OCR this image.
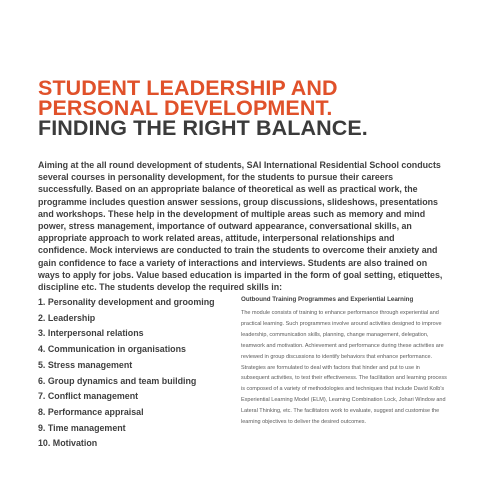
STUDENT LEADERSHIP AND
PERSONAL DEVELOPMENT.
FINDING THE RIGHT BALANCE.

Aiming at the all round development of students, SAI International Residential School conducts several courses in personality development, for the students to pursue their careers successfully. Based on an appropriate balance of theoretical as well as practical work, the programme includes question answer sessions, group discussions, slideshows, presentations and workshops. These help in the development of multiple areas such as memory and mind power, stress management, importance of outward appearance, conversational skills, an appropriate approach to work related areas, attitude, interpersonal relationships and confidence. Mock interviews are conducted to train the students to overcome their anxiety and gain confidence to face a variety of interactions and interviews. Students are also trained on ways to apply for jobs. Value based education is imparted in the form of goal setting, etiquettes, discipline etc. The students develop the required skills in:

1. Personality development and grooming
2. Leadership
3. Interpersonal relations
4. Communication in organisations
5. Stress management
6. Group dynamics and team building
7. Conflict management
8. Performance appraisal
9. Time management
10. Motivation
Outbound Training Programmes and Experiential Learning

The module consists of training to enhance performance through experiential and practical learning. Such programmes involve around activities designed to improve leadership, communication skills, planning, change management, delegation, teamwork and motivation. Achievement and performance during these activities are reviewed in group discussions to identify behaviors that enhance performance. Strategies are formulated to deal with factors that hinder and put to use in subsequent activities, to test their effectiveness. The facilitation and learning process is composed of a variety of methodologies and techniques that include David Kolb's Experiential Learning Model (ELM), Learning Combination Lock, Johari Window and Lateral Thinking, etc. The facilitators work to evaluate, suggest and customise the learning objectives to deliver the desired outcomes.
